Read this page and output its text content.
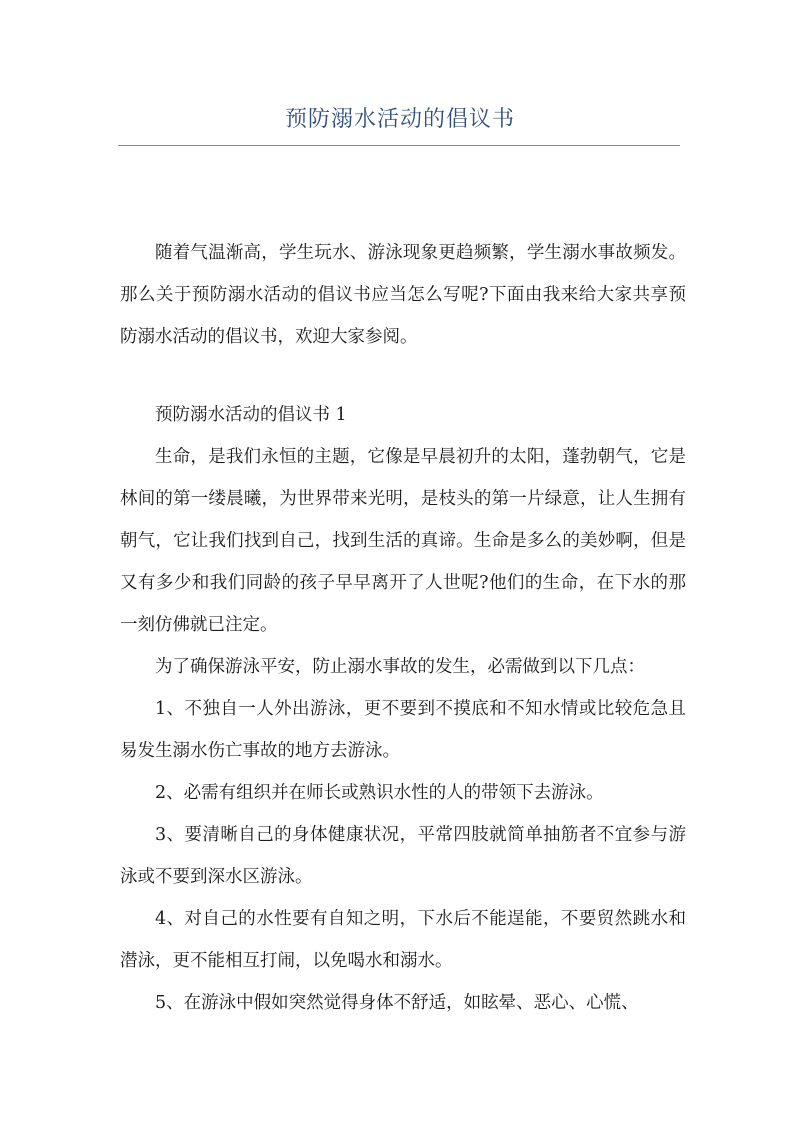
预防溺水活动的倡议书

随着气温渐高，学生玩水、游泳现象更趋频繁，学生溺水事故频发。那么关于预防溺水活动的倡议书应当怎么写呢?下面由我来给大家共享预防溺水活动的倡议书，欢迎大家参阅。

预防溺水活动的倡议书 1

生命，是我们永恒的主题，它像是早晨初升的太阳，蓬勃朝气，它是林间的第一缕晨曦，为世界带来光明，是枝头的第一片绿意，让人生拥有朝气，它让我们找到自己，找到生活的真谛。生命是多么的美妙啊，但是又有多少和我们同龄的孩子早早离开了人世呢?他们的生命，在下水的那一刻仿佛就已注定。

为了确保游泳平安，防止溺水事故的发生，必需做到以下几点：

1、不独自一人外出游泳，更不要到不摸底和不知水情或比较危急且易发生溺水伤亡事故的地方去游泳。

2、必需有组织并在师长或熟识水性的人的带领下去游泳。

3、要清晰自己的身体健康状况，平常四肢就简单抽筋者不宜参与游泳或不要到深水区游泳。

4、对自己的水性要有自知之明，下水后不能逞能，不要贸然跳水和潜泳，更不能相互打闹，以免喝水和溺水。

5、在游泳中假如突然觉得身体不舒适，如眩晕、恶心、心慌、
